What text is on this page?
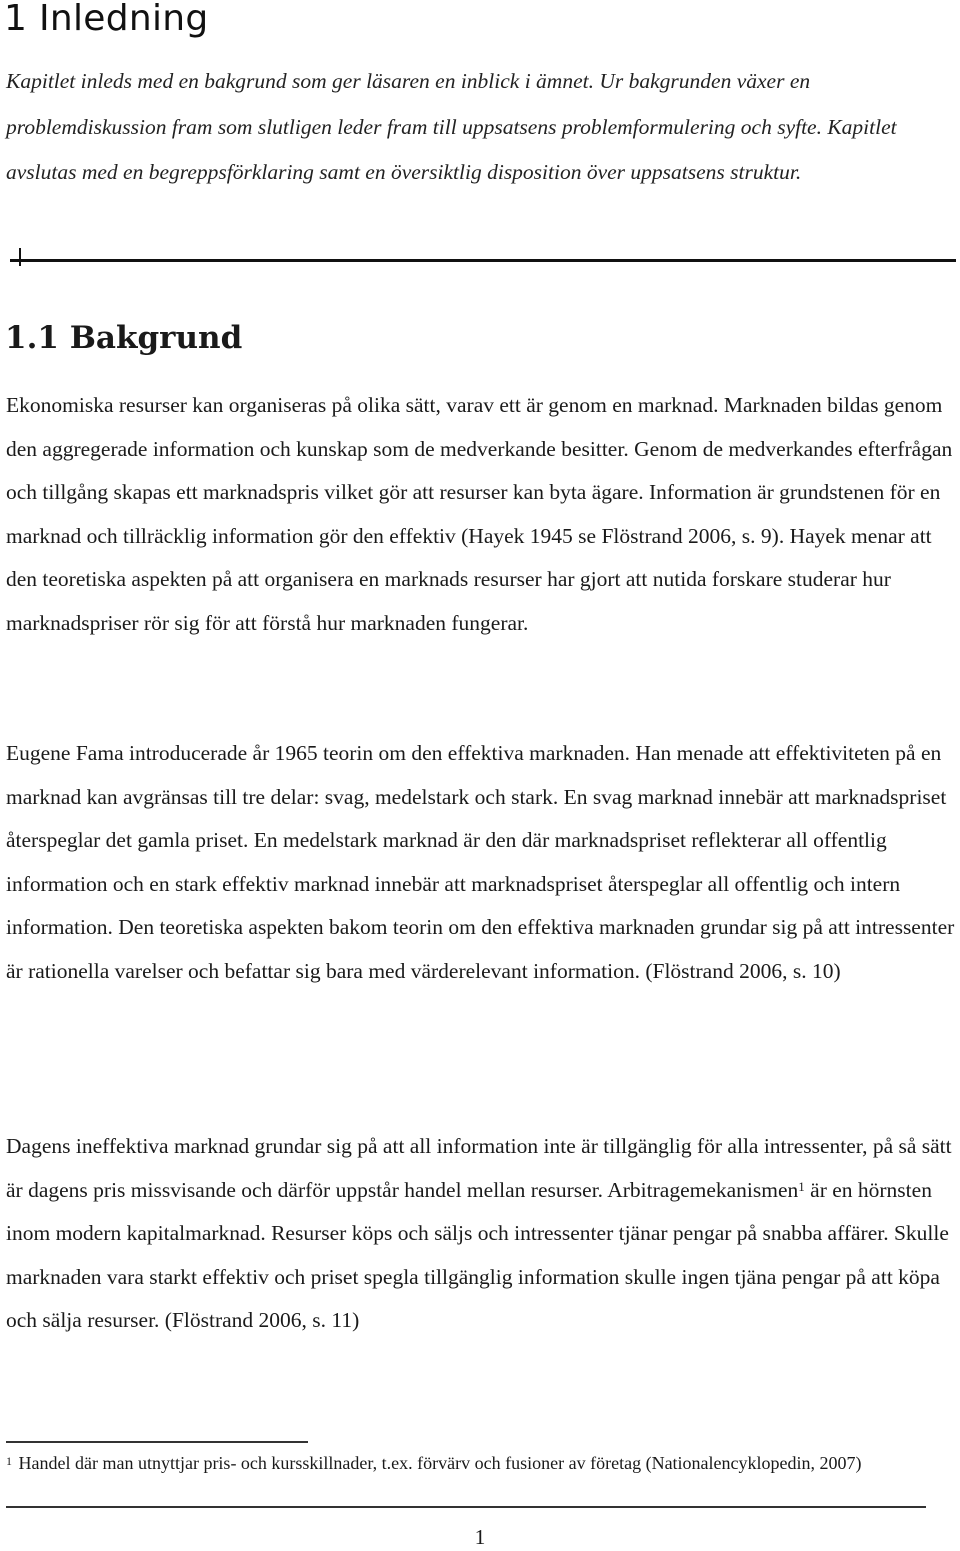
1 Inledning

Kapitlet inleds med en bakgrund som ger läsaren en inblick i ämnet. Ur bakgrunden växer en problemdiskussion fram som slutligen leder fram till uppsatsens problemformulering och syfte. Kapitlet avslutas med en begreppsförklaring samt en översiktlig disposition över uppsatsens struktur.

1.1 Bakgrund

Ekonomiska resurser kan organiseras på olika sätt, varav ett är genom en marknad. Marknaden bildas genom den aggregerade information och kunskap som de medverkande besitter. Genom de medverkandes efterfrågan och tillgång skapas ett marknadspris vilket gör att resurser kan byta ägare. Information är grundstenen för en marknad och tillräcklig information gör den effektiv (Hayek 1945 se Flöstrand 2006, s. 9). Hayek menar att den teoretiska aspekten på att organisera en marknads resurser har gjort att nutida forskare studerar hur marknadspriser rör sig för att förstå hur marknaden fungerar.

Eugene Fama introducerade år 1965 teorin om den effektiva marknaden. Han menade att effektiviteten på en marknad kan avgränsas till tre delar: svag, medelstark och stark. En svag marknad innebär att marknadspriset återspeglar det gamla priset. En medelstark marknad är den där marknadspriset reflekterar all offentlig information och en stark effektiv marknad innebär att marknadspriset återspeglar all offentlig och intern information. Den teoretiska aspekten bakom teorin om den effektiva marknaden grundar sig på att intressenter är rationella varelser och befattar sig bara med värderelevant information. (Flöstrand 2006, s. 10)

Dagens ineffektiva marknad grundar sig på att all information inte är tillgänglig för alla intressenter, på så sätt är dagens pris missvisande och därför uppstår handel mellan resurser. Arbitragemekanismen$^1$ är en hörnsten inom modern kapitalmarknad. Resurser köps och säljs och intressenter tjänar pengar på snabba affärer. Skulle marknaden vara starkt effektiv och priset spegla tillgänglig information skulle ingen tjäna pengar på att köpa och sälja resurser. (Flöstrand 2006, s. 11)

$^1$ Handel där man utnyttjar pris- och kursskillnader, t.ex. förvärv och fusioner av företag (Nationalencyklopedin, 2007)

1
